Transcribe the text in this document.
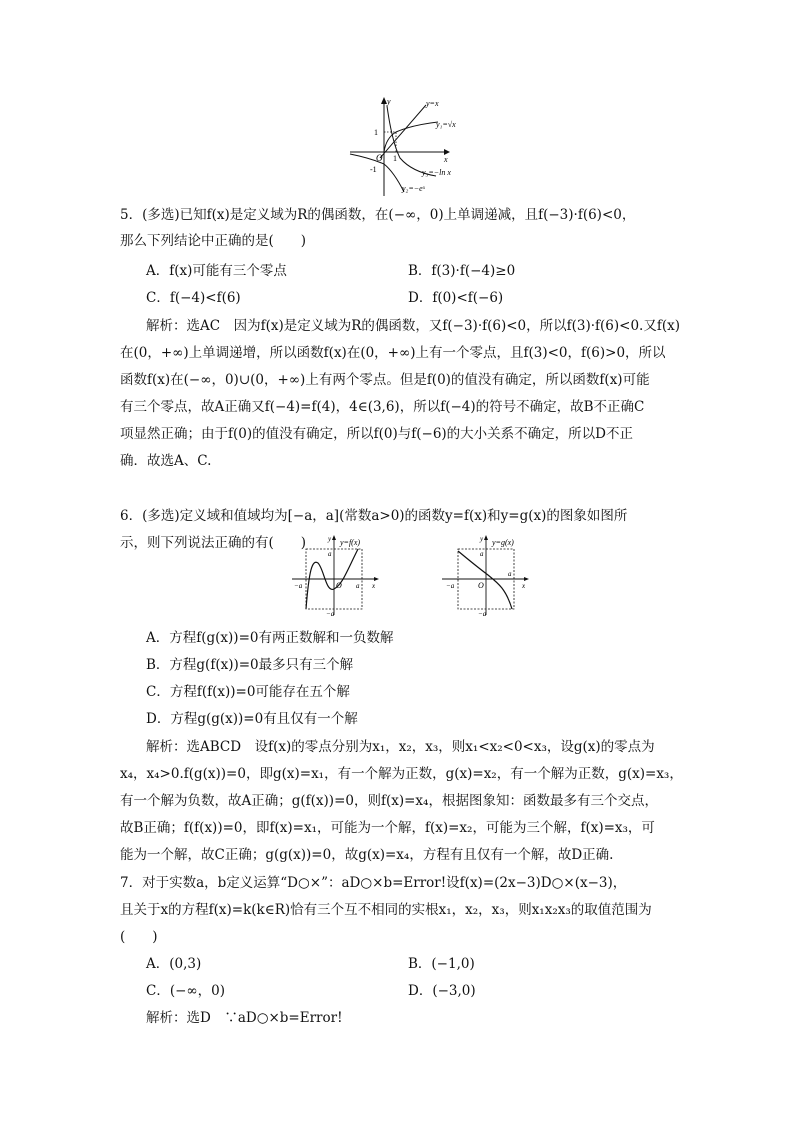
y
x
O
1
1
-1
y=x
y₁=√x
y₃=−ln x
y₂=−eˣ
5．(多选)已知f(x)是定义域为R的偶函数，在(−∞，0)上单调递减，且f(−3)·f(6)<0，
那么下列结论中正确的是(　　)
A．f(x)可能有三个零点	B．f(3)·f(−4)≥0
C．f(−4)<f(6)	D．f(0)<f(−6)
解析：选AC　因为f(x)是定义域为R的偶函数，又f(−3)·f(6)<0，所以f(3)·f(6)<0.又f(x)
在(0，+∞)上单调递增，所以函数f(x)在(0，+∞)上有一个零点，且f(3)<0，f(6)>0，所以
函数f(x)在(−∞，0)∪(0，+∞)上有两个零点。但是f(0)的值没有确定，所以函数f(x)可能
有三个零点，故A正确又f(−4)=f(4)，4∈(3,6)，所以f(−4)的符号不确定，故B不正确C
项显然正确；由于f(0)的值没有确定，所以f(0)与f(−6)的大小关系不确定，所以D不正
确．故选A、C.
6．(多选)定义域和值域均为[−a，a](常数a>0)的函数y=f(x)和y=g(x)的图象如图所
示，则下列说法正确的有(　　)	y=f(x)
y
x
a
−a	O a
−a
y=g(x)
y
x
a
−a	O
a
−a
A．方程f(g(x))=0有两正数解和一负数解
B．方程g(f(x))=0最多只有三个解
C．方程f(f(x))=0可能存在五个解
D．方程g(g(x))=0有且仅有一个解
解析：选ABCD　设f(x)的零点分别为x₁，x₂，x₃，则x₁<x₂<0<x₃，设g(x)的零点为
x₄，x₄>0.f(g(x))=0，即g(x)=x₁，有一个解为正数，g(x)=x₂，有一个解为正数，g(x)=x₃，
有一个解为负数，故A正确；g(f(x))=0，则f(x)=x₄，根据图象知：函数最多有三个交点，
故B正确；f(f(x))=0，即f(x)=x₁，可能为一个解，f(x)=x₂，可能为三个解，f(x)=x₃，可
能为一个解，故C正确；g(g(x))=0，故g(x)=x₄，方程有且仅有一个解，故D正确.
7．对于实数a，b定义运算“D○×”：aD○×b=Error!设f(x)=(2x−3)D○×(x−3)，
且关于x的方程f(x)=k(k∈R)恰有三个互不相同的实根x₁，x₂，x₃，则x₁x₂x₃的取值范围为
(　　)
A．(0,3)	B．(−1,0)
C．(−∞，0)	D．(−3,0)
解析：选D　∵aD○×b=Error!
